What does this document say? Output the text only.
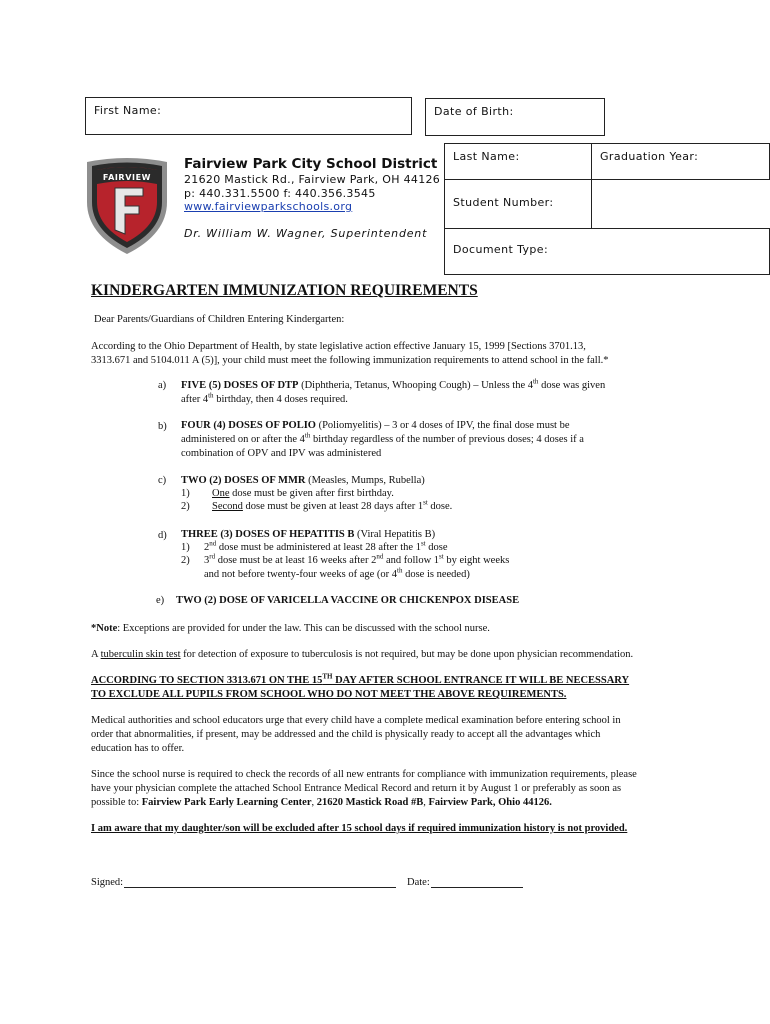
First Name:	Date of Birth:
Last Name:	Graduation Year:
Student Number:
Document Type:
FAIRVIEW
Fairview Park City School District
21620 Mastick Rd., Fairview Park, OH 44126
p: 440.331.5500 f: 440.356.3545
www.fairviewparkschools.org
Dr. William W. Wagner, Superintendent
KINDERGARTEN IMMUNIZATION REQUIREMENTS
Dear Parents/Guardians of Children Entering Kindergarten:
According to the Ohio Department of Health, by state legislative action effective January 15, 1999 [Sections 3701.13,
3313.671 and 5104.011 A (5)], your child must meet the following immunization requirements to attend school in the fall.*
a) FIVE (5) DOSES OF DTP (Diphtheria, Tetanus, Whooping Cough) – Unless the 4th dose was given
after 4th birthday, then 4 doses required.
b) FOUR (4) DOSES OF POLIO (Poliomyelitis) – 3 or 4 doses of IPV, the final dose must be
administered on or after the 4th birthday regardless of the number of previous doses; 4 doses if a
combination of OPV and IPV was administered
c) TWO (2) DOSES OF MMR (Measles, Mumps, Rubella)
1) One dose must be given after first birthday.
2) Second dose must be given at least 28 days after 1st dose.
d) THREE (3) DOSES OF HEPATITIS B (Viral Hepatitis B)
1) 2nd dose must be administered at least 28 after the 1st dose
2) 3rd dose must be at least 16 weeks after 2nd and follow 1st by eight weeks
and not before twenty-four weeks of age (or 4th dose is needed)
e) TWO (2) DOSE OF VARICELLA VACCINE OR CHICKENPOX DISEASE
*Note: Exceptions are provided for under the law. This can be discussed with the school nurse.
A tuberculin skin test for detection of exposure to tuberculosis is not required, but may be done upon physician recommendation.
ACCORDING TO SECTION 3313.671 ON THE 15TH DAY AFTER SCHOOL ENTRANCE IT WILL BE NECESSARY
TO EXCLUDE ALL PUPILS FROM SCHOOL WHO DO NOT MEET THE ABOVE REQUIREMENTS.
Medical authorities and school educators urge that every child have a complete medical examination before entering school in
order that abnormalities, if present, may be addressed and the child is physically ready to accept all the advantages which
education has to offer.
Since the school nurse is required to check the records of all new entrants for compliance with immunization requirements, please
have your physician complete the attached School Entrance Medical Record and return it by August 1 or preferably as soon as
possible to: Fairview Park Early Learning Center, 21620 Mastick Road #B, Fairview Park, Ohio 44126.
I am aware that my daughter/son will be excluded after 15 school days if required immunization history is not provided.
Signed:	Date:
